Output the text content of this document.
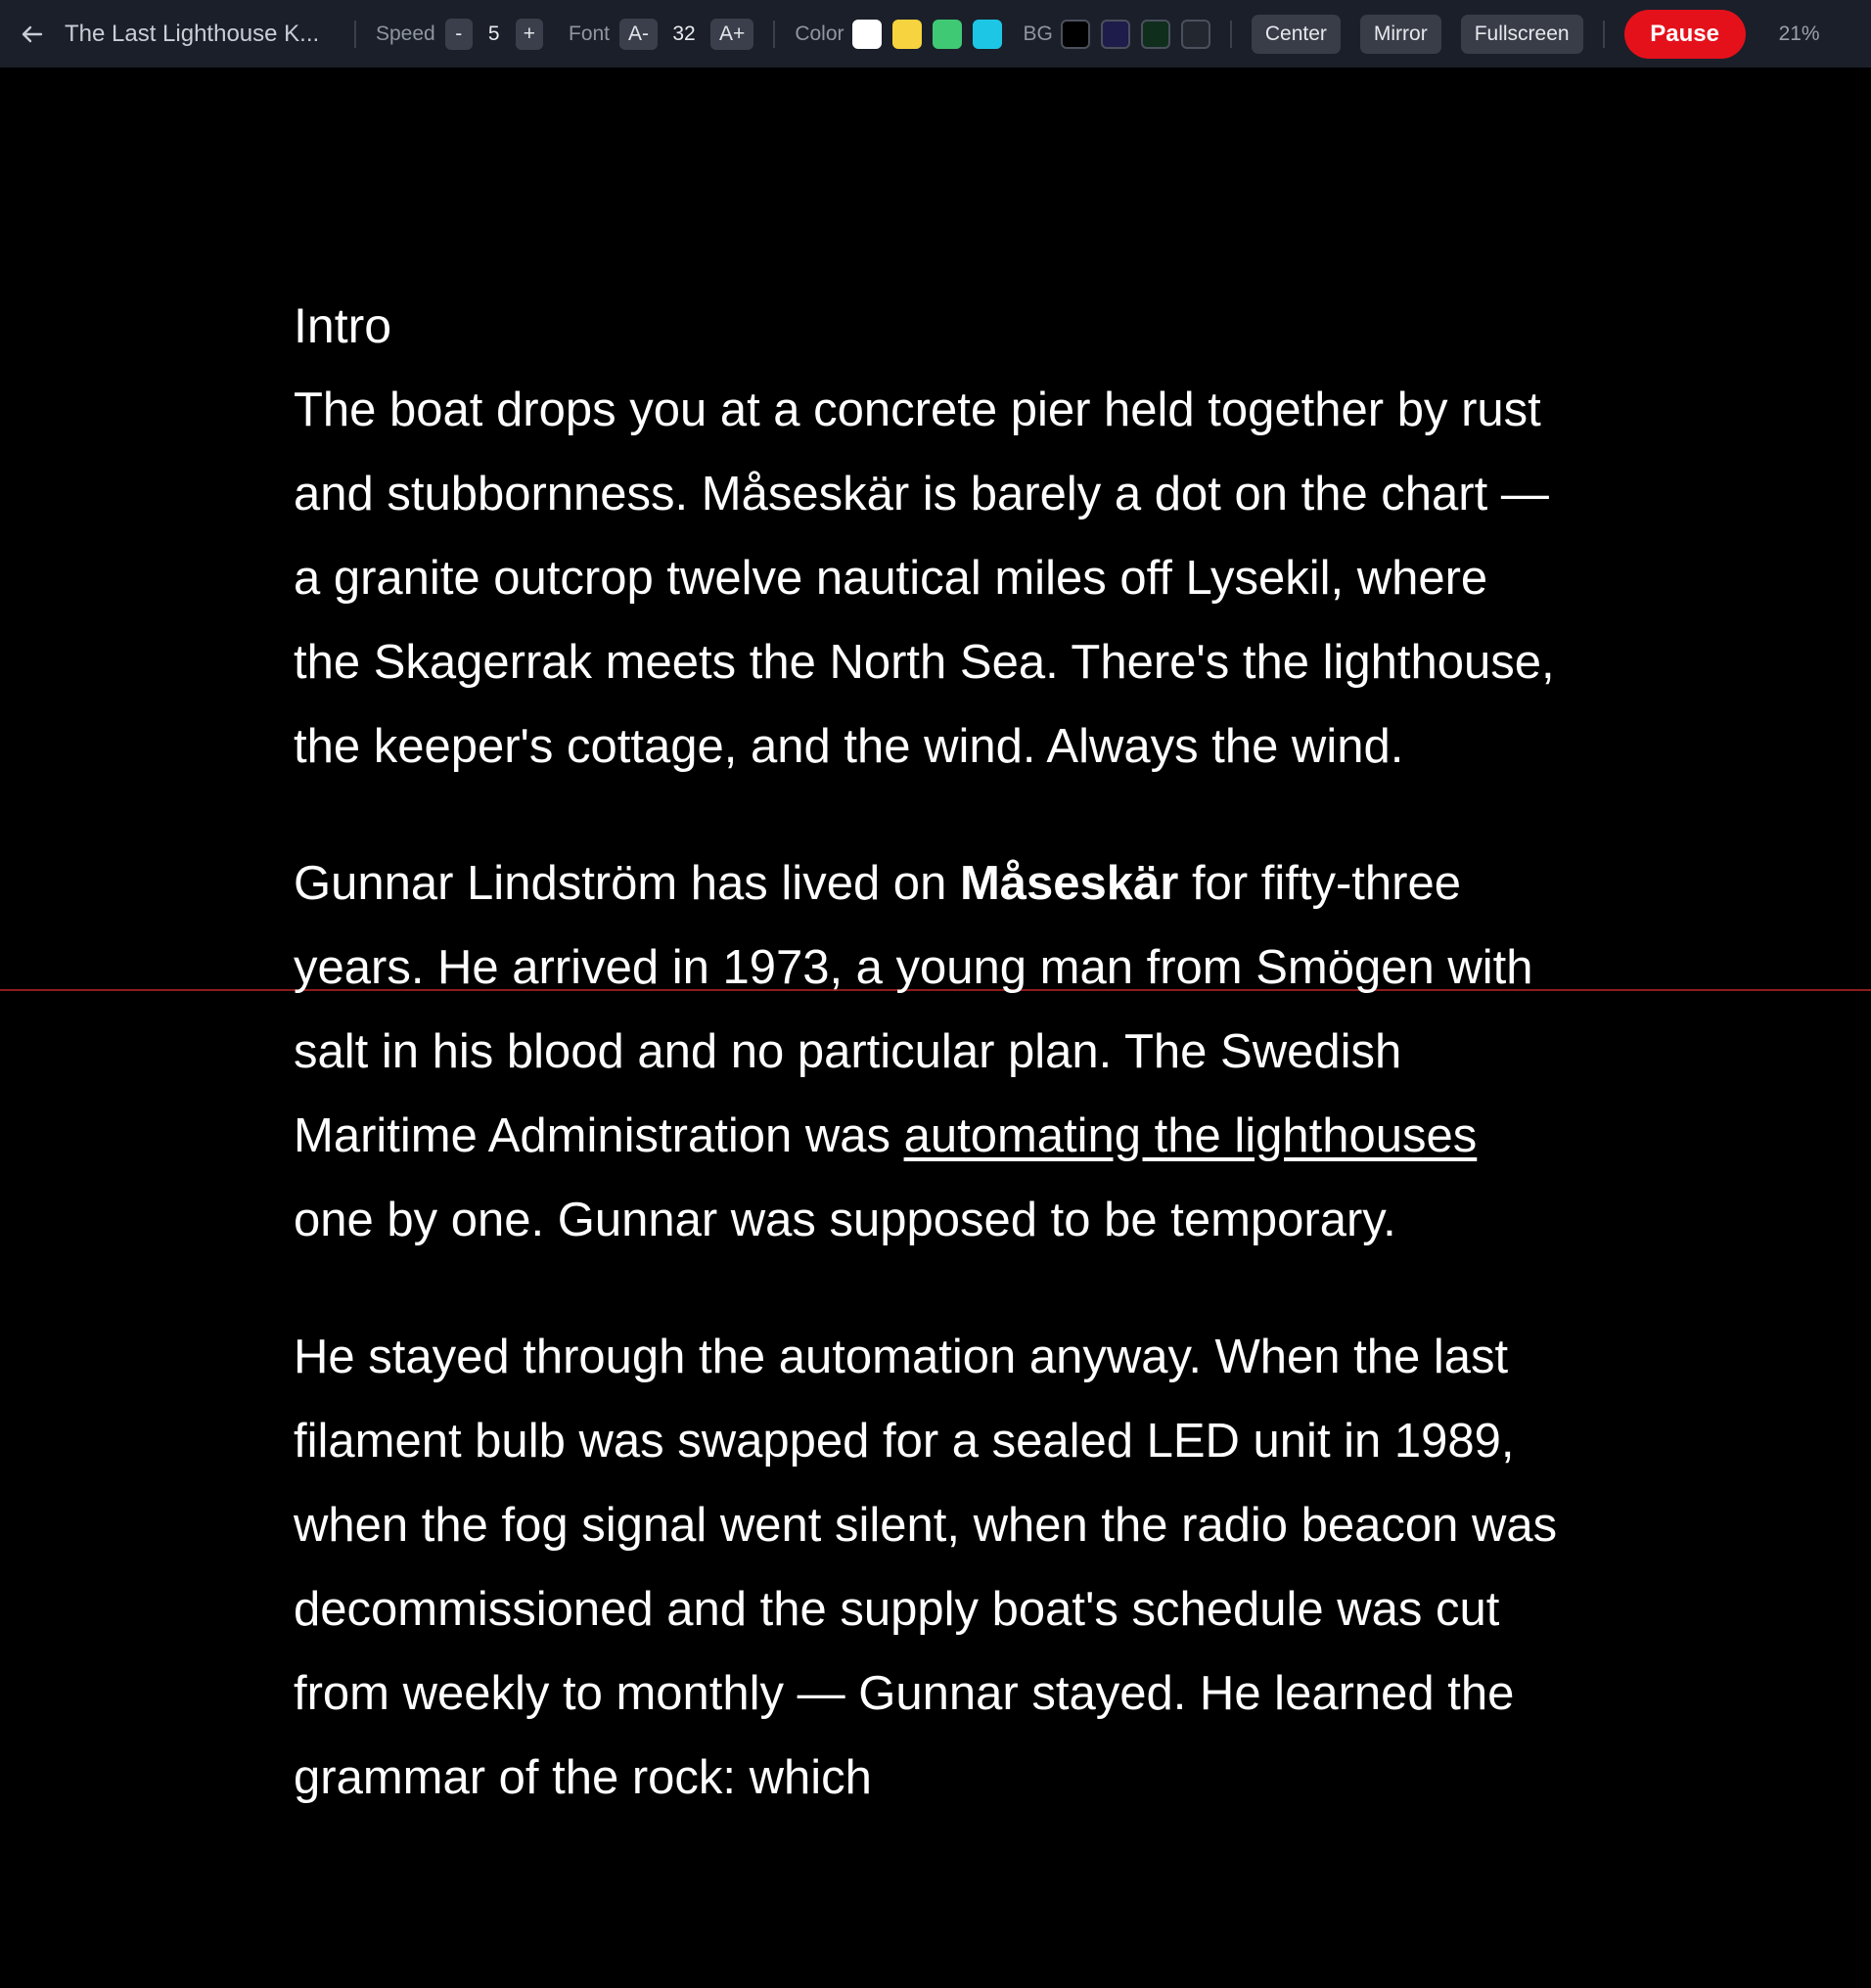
The Last Lighthouse K...	Speed -	5	+	Font A-	32	A+	Color	BG	Center	Mirror	Fullscreen	Pause	21%
Intro

The boat drops you at a concrete pier held together by rust and stubbornness. Måseskär is barely a dot on the chart — a granite outcrop twelve nautical miles off Lysekil, where the Skagerrak meets the North Sea. There's the lighthouse, the keeper's cottage, and the wind. Always the wind.

Gunnar Lindström has lived on Måseskär for fifty-three years. He arrived in 1973, a young man from Smögen with salt in his blood and no particular plan. The Swedish Maritime Administration was automating the lighthouses one by one. Gunnar was supposed to be temporary.

He stayed through the automation anyway. When the last filament bulb was swapped for a sealed LED unit in 1989, when the fog signal went silent, when the radio beacon was decommissioned and the supply boat's schedule was cut from weekly to monthly — Gunnar stayed. He learned the grammar of the rock: which
